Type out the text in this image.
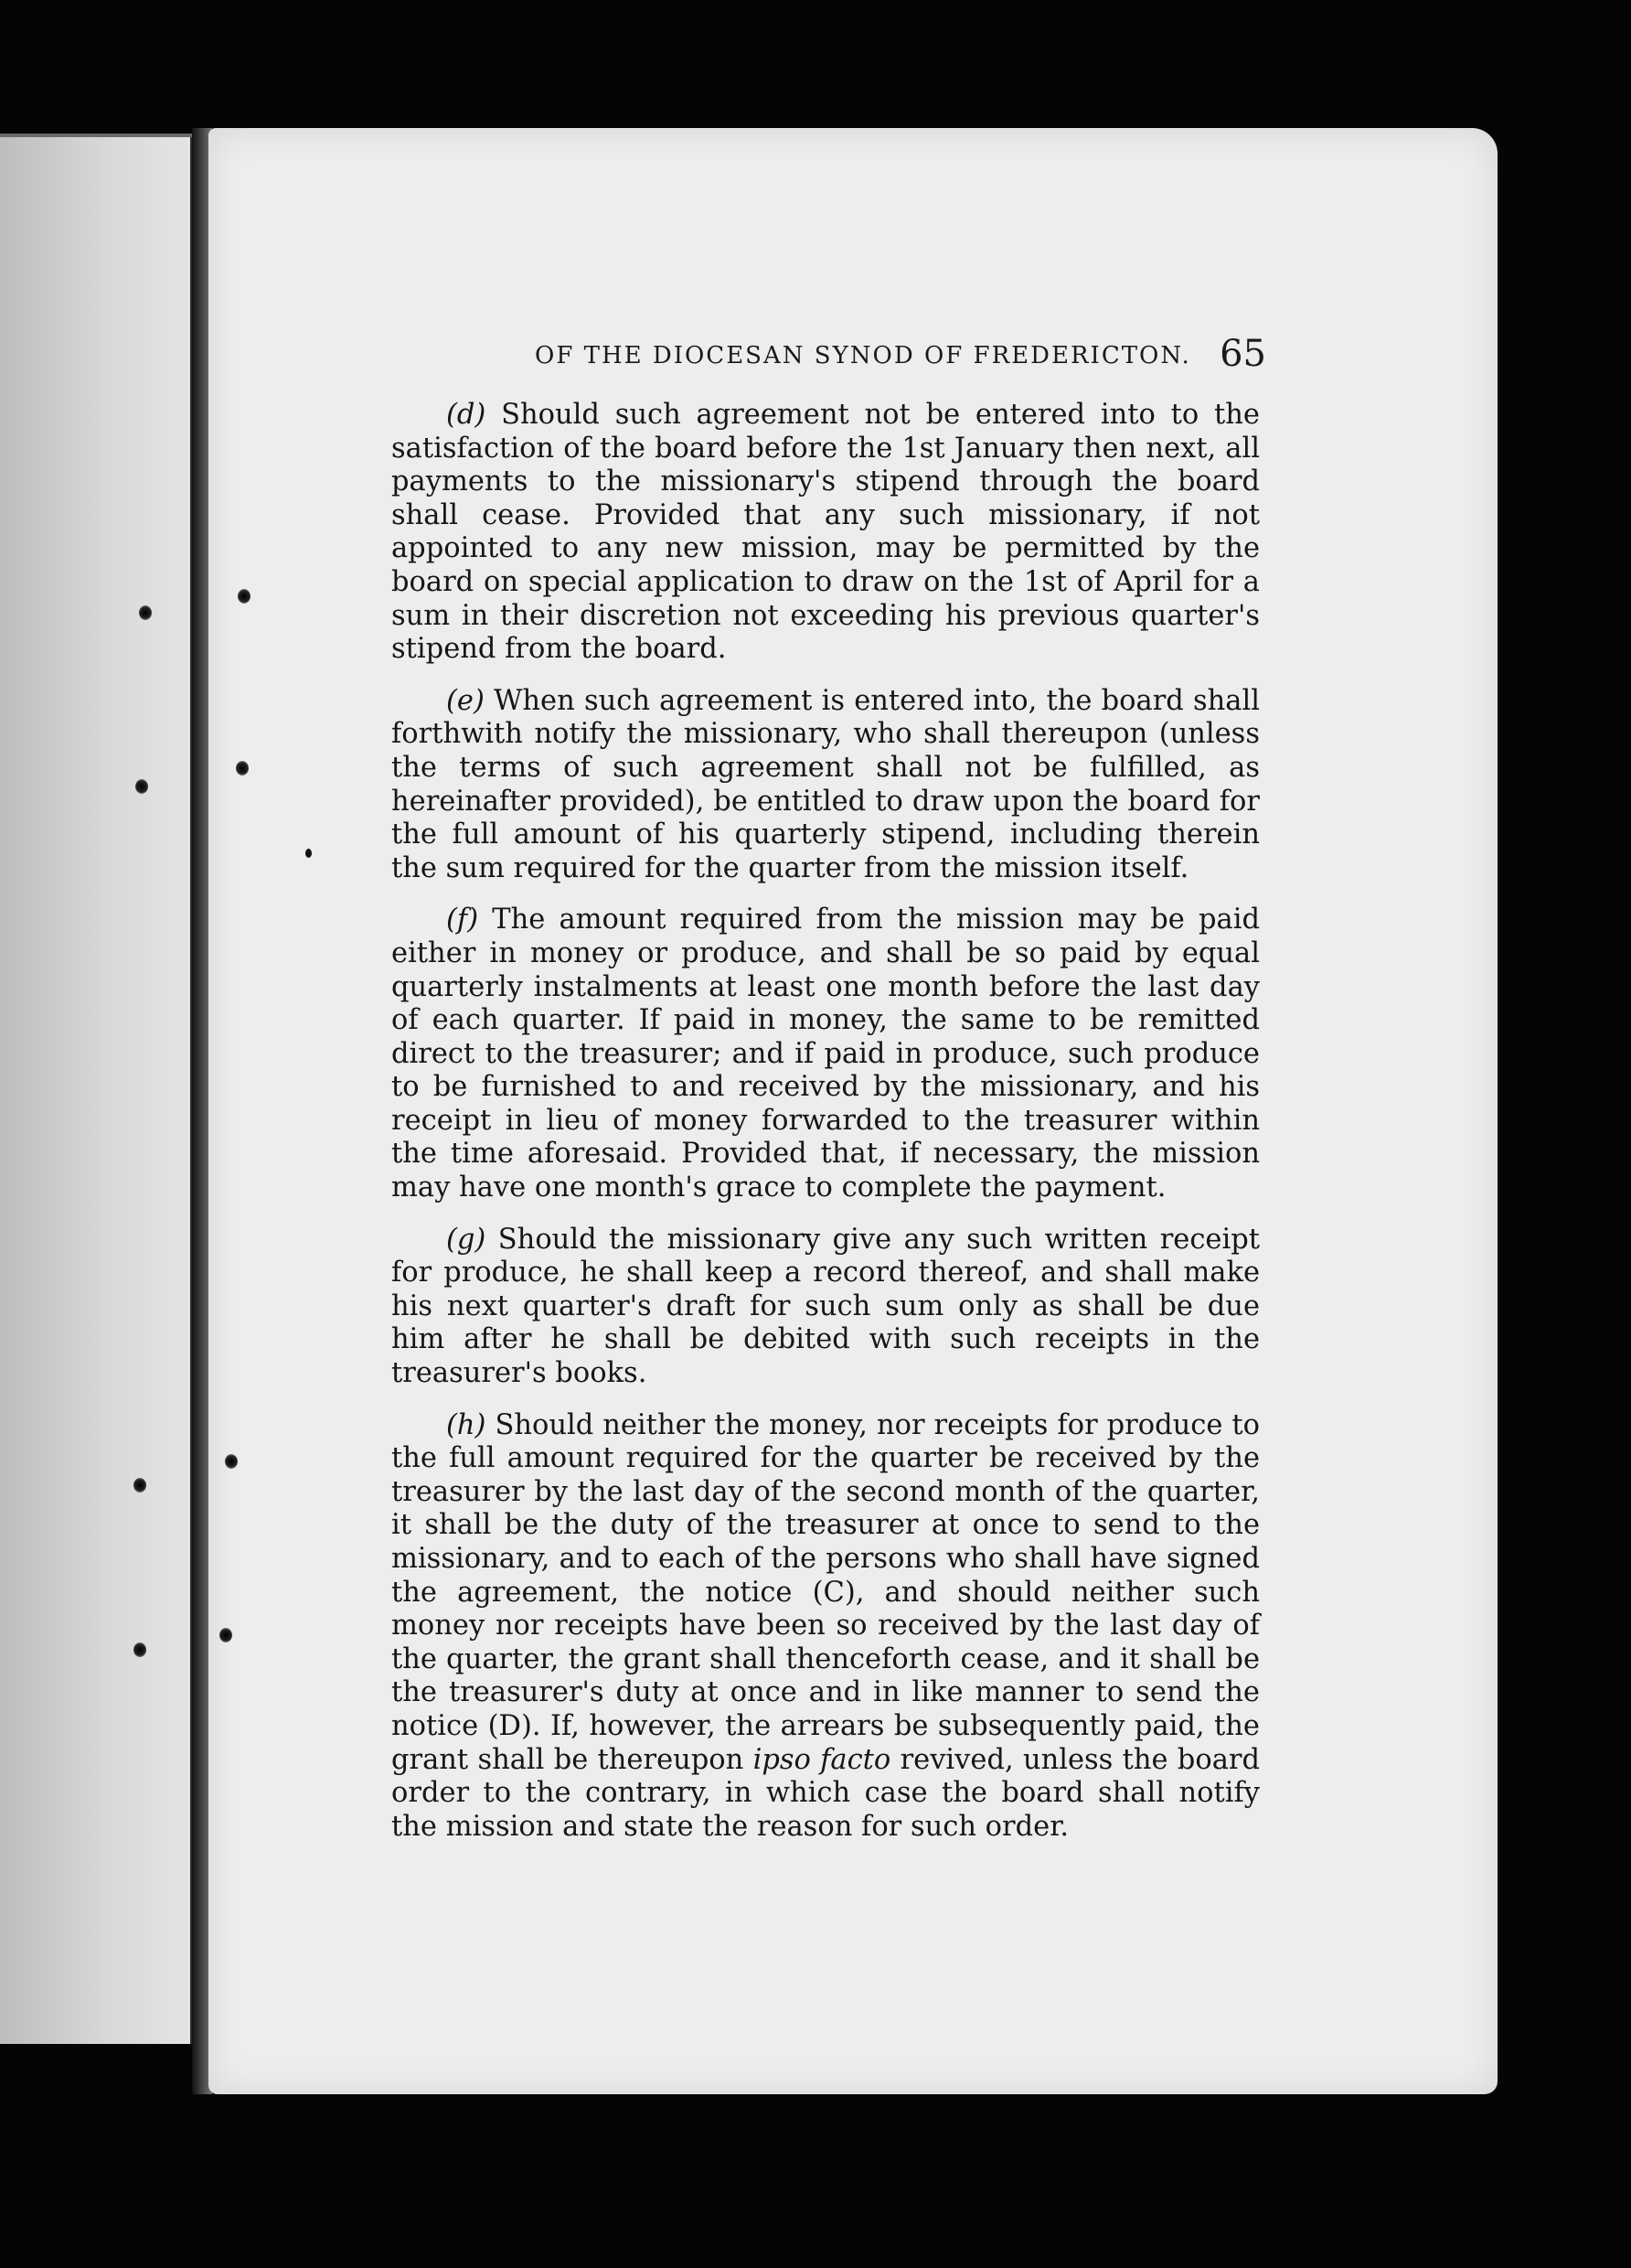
OF THE DIOCESAN SYNOD OF FREDERICTON. 65

(d) Should such agreement not be entered into to the satisfaction of the board before the 1st January then next, all payments to the missionary's stipend through the board shall cease. Provided that any such missionary, if not appointed to any new mission, may be permitted by the board on special application to draw on the 1st of April for a sum in their discretion not exceeding his previous quarter's stipend from the board.

(e) When such agreement is entered into, the board shall forthwith notify the missionary, who shall thereupon (unless the terms of such agreement shall not be fulfilled, as hereinafter provided), be entitled to draw upon the board for the full amount of his quarterly stipend, including therein the sum required for the quarter from the mission itself.

(f) The amount required from the mission may be paid either in money or produce, and shall be so paid by equal quarterly instalments at least one month before the last day of each quarter. If paid in money, the same to be remitted direct to the treasurer; and if paid in produce, such produce to be furnished to and received by the missionary, and his receipt in lieu of money forwarded to the treasurer within the time aforesaid. Provided that, if necessary, the mission may have one month's grace to complete the payment.

(g) Should the missionary give any such written receipt for produce, he shall keep a record thereof, and shall make his next quarter's draft for such sum only as shall be due him after he shall be debited with such receipts in the treasurer's books.

(h) Should neither the money, nor receipts for produce to the full amount required for the quarter be received by the treasurer by the last day of the second month of the quarter, it shall be the duty of the treasurer at once to send to the missionary, and to each of the persons who shall have signed the agreement, the notice (C), and should neither such money nor receipts have been so received by the last day of the quarter, the grant shall thenceforth cease, and it shall be the treasurer's duty at once and in like manner to send the notice (D). If, however, the arrears be subsequently paid, the grant shall be thereupon ipso facto revived, unless the board order to the contrary, in which case the board shall notify the mission and state the reason for such order.
